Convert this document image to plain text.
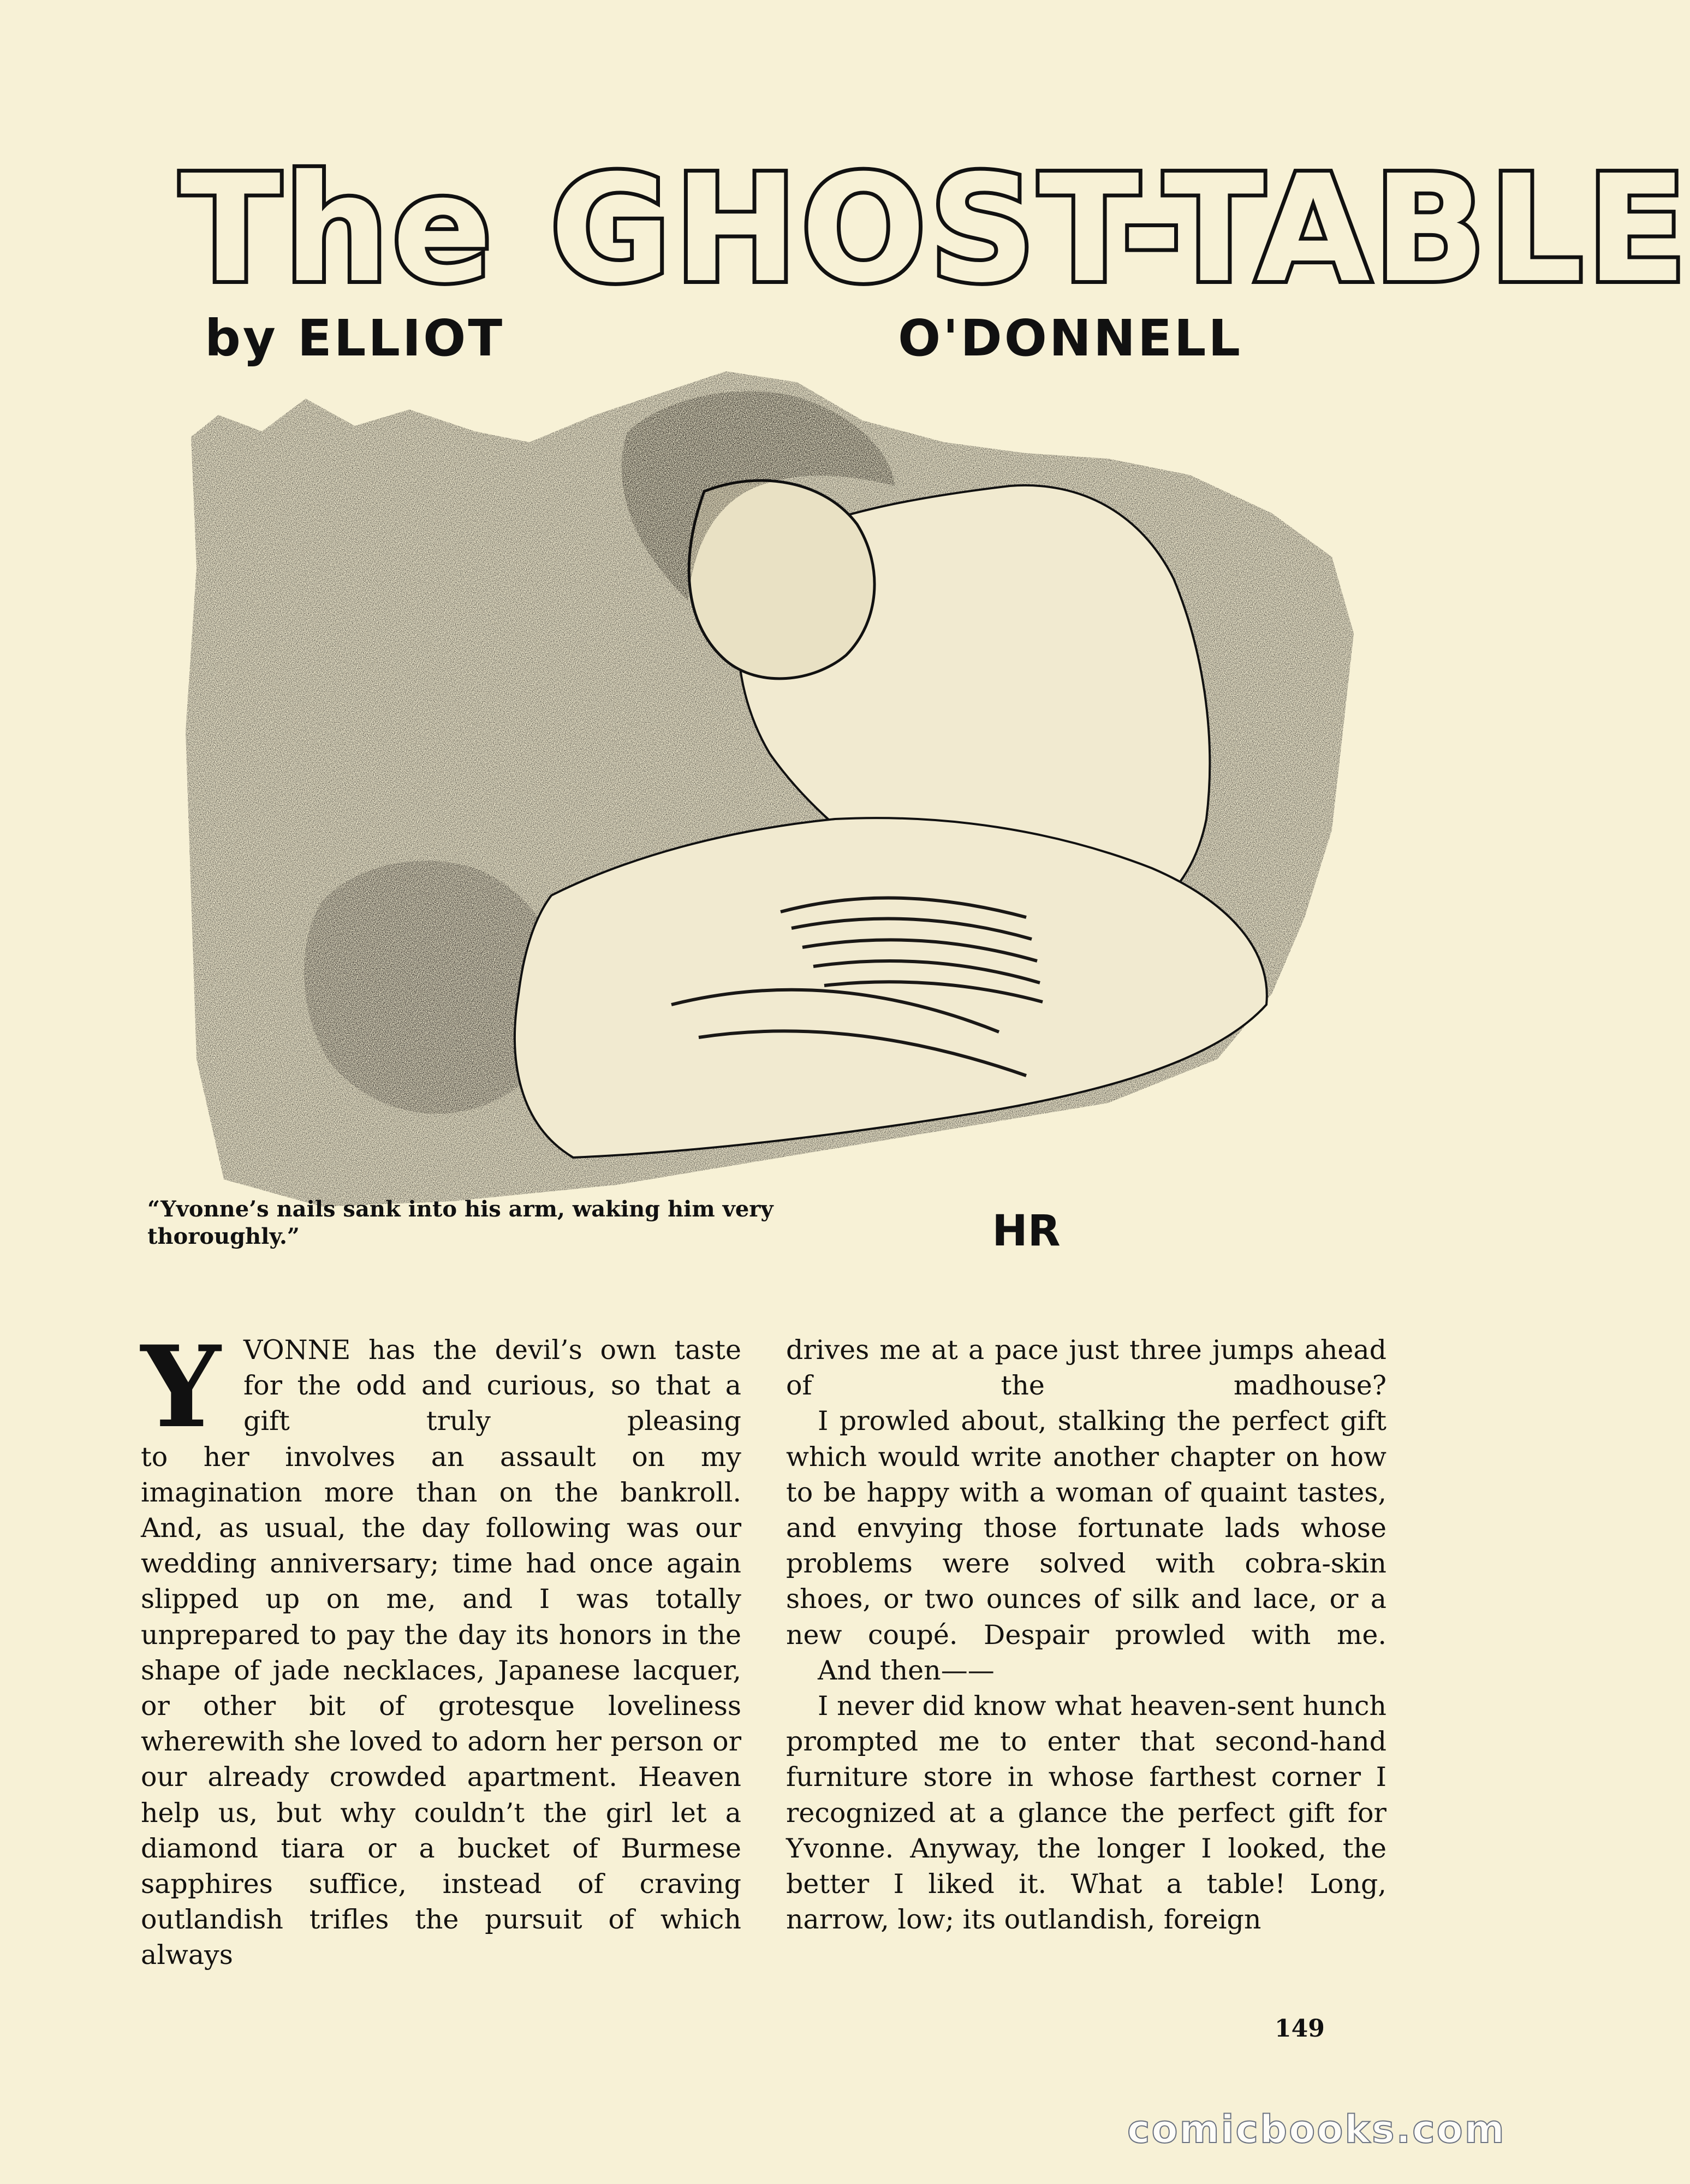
The GHOST-TABLE
by ELLIOT	O'DONNELL

“Yvonne’s nails sank into his arm, waking him very thoroughly.”	HR
Y VONNE has the devil’s own taste for the odd and curious, so that a gift truly pleasing

to her involves an assault on my imagination more than on the bankroll. And, as usual, the day following was our wedding anniversary; time had once again slipped up on me, and I was totally unprepared to pay the day its honors in the shape of jade necklaces, Japanese lacquer, or other bit of grotesque loveliness wherewith she loved to adorn her person or our already crowded apartment. Heaven help us, but why couldn’t the girl let a diamond tiara or a bucket of Burmese sapphires suffice, instead of craving outlandish trifles the pursuit of which always

drives me at a pace just three jumps ahead of the madhouse?

I prowled about, stalking the perfect gift which would write another chapter on how to be happy with a woman of quaint tastes, and envying those fortunate lads whose problems were solved with cobra-skin shoes, or two ounces of silk and lace, or a new coupé. Despair prowled with me.

And then——

I never did know what heaven-sent hunch prompted me to enter that second-hand furniture store in whose farthest corner I recognized at a glance the perfect gift for Yvonne. Anyway, the longer I looked, the better I liked it. What a table! Long, narrow, low; its outlandish, foreign

149
comicbooks.com
